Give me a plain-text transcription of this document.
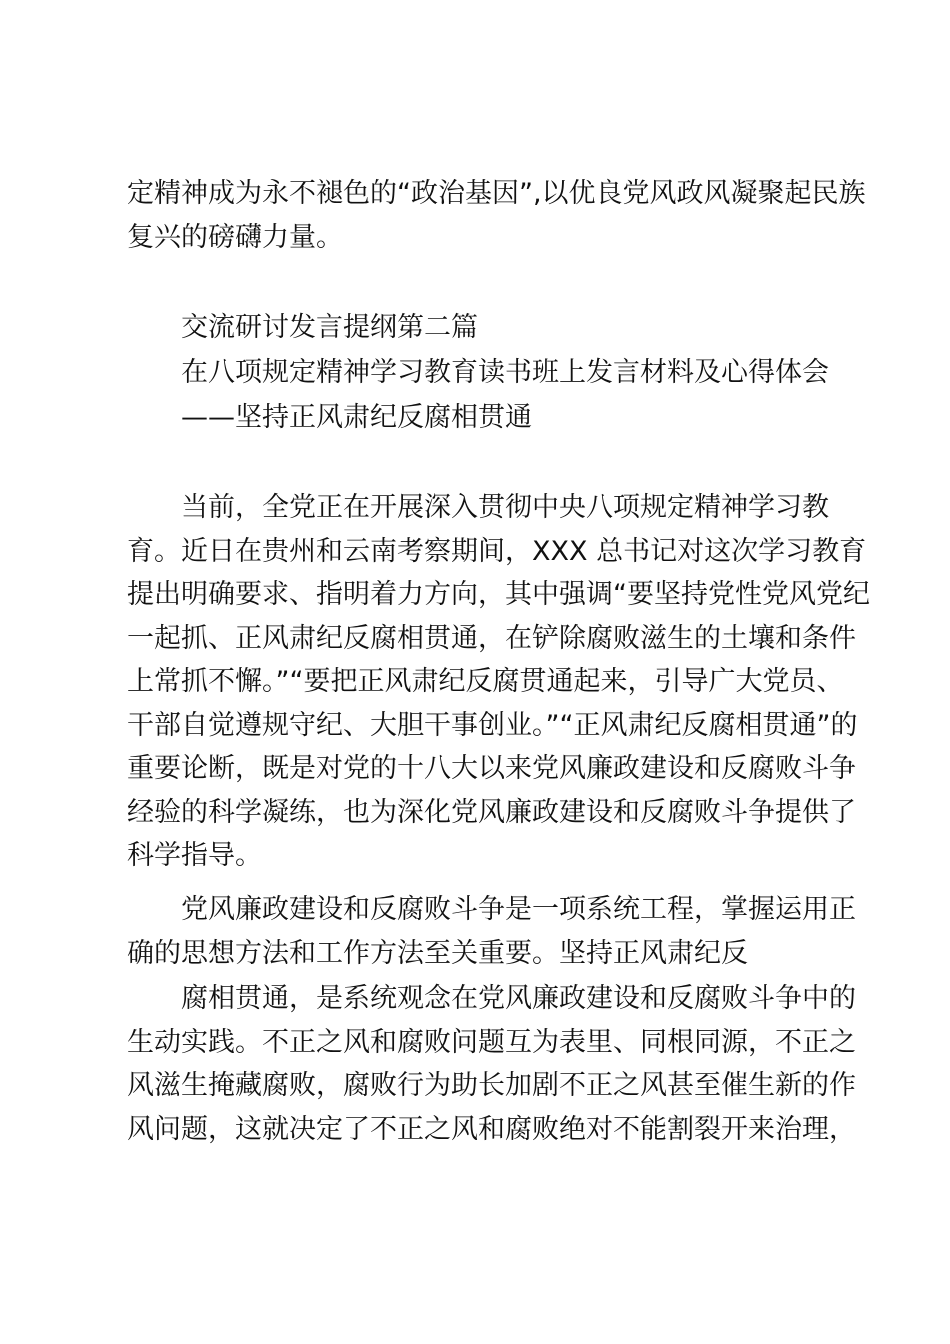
定精神成为永不褪色的“政治基因”,以优良党风政风凝聚起民族
复兴的磅礴力量。
交流研讨发言提纲第二篇
在八项规定精神学习教育读书班上发言材料及心得体会
——坚持正风肃纪反腐相贯通
当前，全党正在开展深入贯彻中央八项规定精神学习教
育。近日在贵州和云南考察期间，XXX 总书记对这次学习教育
提出明确要求、指明着力方向，其中强调“要坚持党性党风党纪
一起抓、正风肃纪反腐相贯通，在铲除腐败滋生的土壤和条件
上常抓不懈。”“要把正风肃纪反腐贯通起来，引导广大党员、
干部自觉遵规守纪、大胆干事创业。”“正风肃纪反腐相贯通”的
重要论断，既是对党的十八大以来党风廉政建设和反腐败斗争
经验的科学凝练，也为深化党风廉政建设和反腐败斗争提供了
科学指导。
党风廉政建设和反腐败斗争是一项系统工程，掌握运用正
确的思想方法和工作方法至关重要。坚持正风肃纪反
腐相贯通，是系统观念在党风廉政建设和反腐败斗争中的
生动实践。不正之风和腐败问题互为表里、同根同源，不正之
风滋生掩藏腐败，腐败行为助长加剧不正之风甚至催生新的作
风问题，这就决定了不正之风和腐败绝对不能割裂开来治理，
